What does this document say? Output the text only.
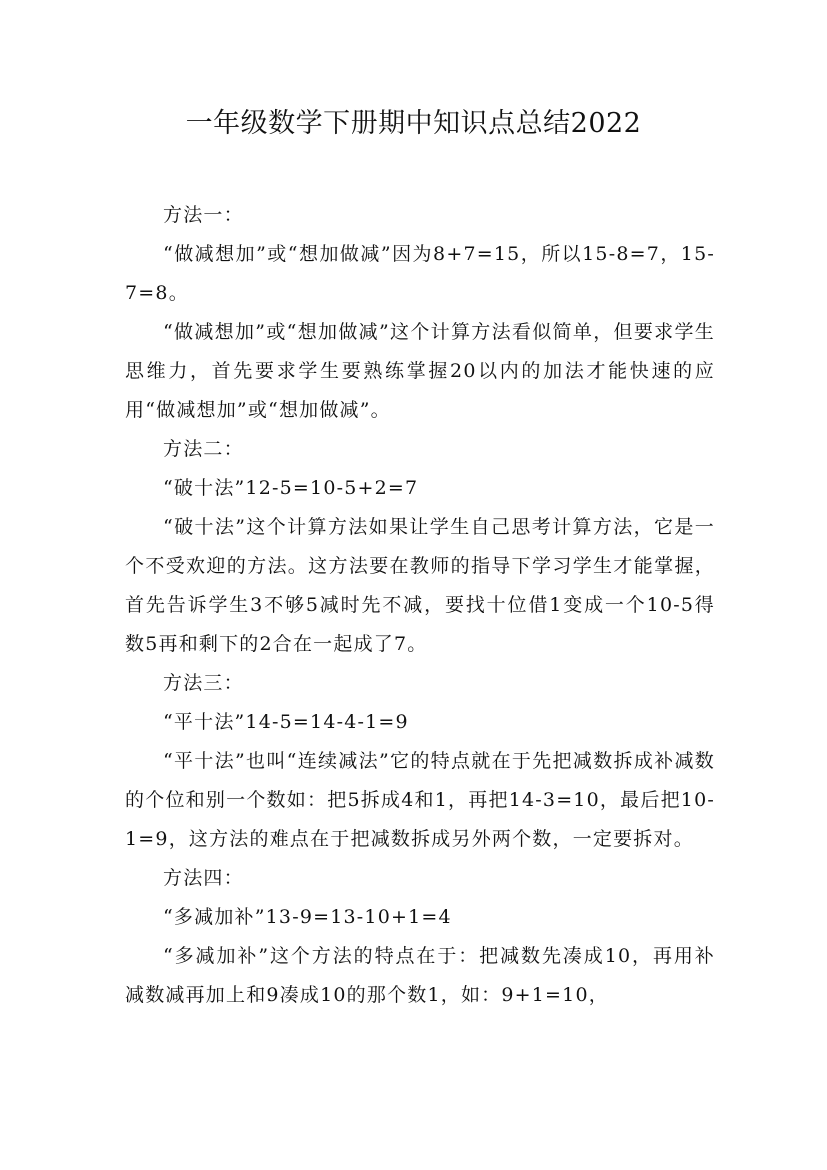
一年级数学下册期中知识点总结2022

方法一：

“做减想加”或“想加做减”因为8+7=15，所以15-8=7，15-7=8。

“做减想加”或“想加做减”这个计算方法看似简单，但要求学生思维力，首先要求学生要熟练掌握20以内的加法才能快速的应用“做减想加”或“想加做减”。

方法二：

“破十法”12-5=10-5+2=7

“破十法”这个计算方法如果让学生自己思考计算方法，它是一个不受欢迎的方法。这方法要在教师的指导下学习学生才能掌握，首先告诉学生3不够5减时先不减，要找十位借1变成一个10-5得数5再和剩下的2合在一起成了7。

方法三：

“平十法”14-5=14-4-1=9

“平十法”也叫“连续减法”它的特点就在于先把减数拆成补减数的个位和别一个数如：把5拆成4和1，再把14-3=10，最后把10-1=9，这方法的难点在于把减数拆成另外两个数，一定要拆对。

方法四：

“多减加补”13-9=13-10+1=4

“多减加补”这个方法的特点在于：把减数先凑成10，再用补减数减再加上和9凑成10的那个数1，如：9+1=10，
